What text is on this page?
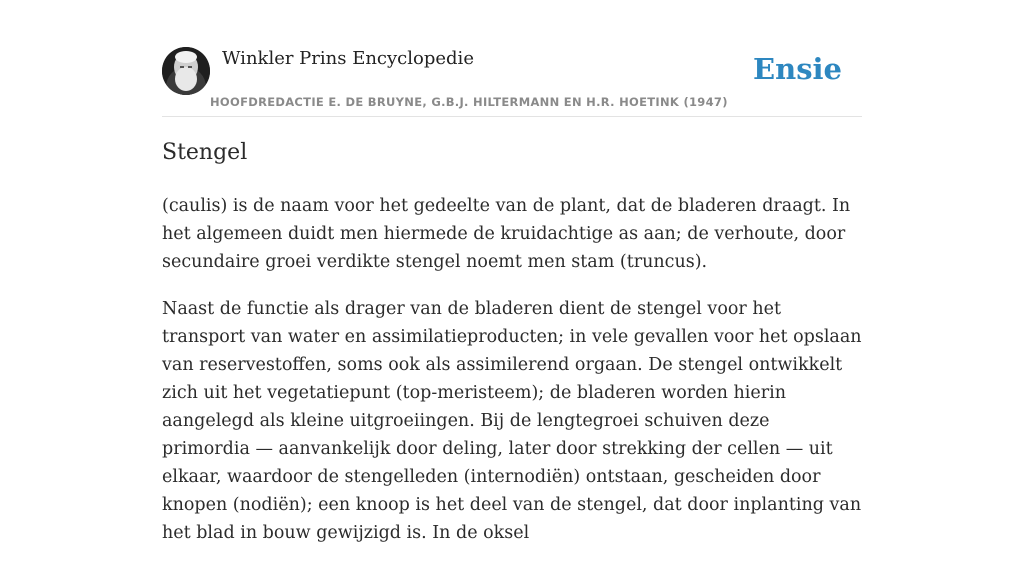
Winkler Prins Encyclopedie
HOOFDREDACTIE E. DE BRUYNE, G.B.J. HILTERMANN EN H.R. HOETINK (1947)
Ensie
Stengel

(caulis) is de naam voor het gedeelte van de plant, dat de bladeren draagt. In het algemeen duidt men hiermede de kruidachtige as aan; de verhoute, door secundaire groei verdikte stengel noemt men stam (truncus).

Naast de functie als drager van de bladeren dient de stengel voor het transport van water en assimilatieproducten; in vele gevallen voor het opslaan van reservestoffen, soms ook als assimilerend orgaan. De stengel ontwikkelt zich uit het vegetatiepunt (top-meristeem); de bladeren worden hierin aangelegd als kleine uitgroeiingen. Bij de lengtegroei schuiven deze primordia — aanvankelijk door deling, later door strekking der cellen — uit elkaar, waardoor de stengelleden (internodiën) ontstaan, gescheiden door knopen (nodiën); een knoop is het deel van de stengel, dat door inplanting van het blad in bouw gewijzigd is. In de oksel
